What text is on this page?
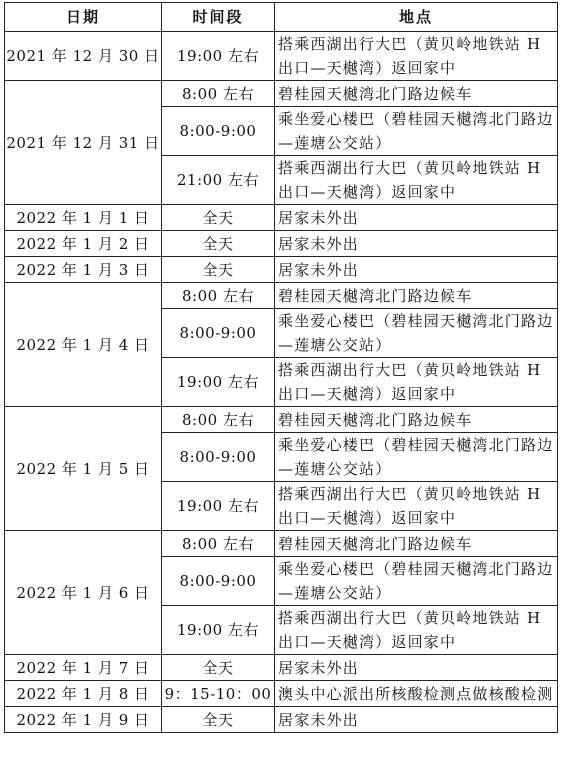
日期	时间段	地点
2021 年 12 月 30 日	19:00 左右	搭乘西湖出行大巴（黄贝岭地铁站 H 出口—天樾湾）返回家中
2021 年 12 月 31 日	8:00 左右	碧桂园天樾湾北门路边候车
	8:00-9:00	乘坐爱心楼巴（碧桂园天樾湾北门路边—莲塘公交站）
	21:00 左右	搭乘西湖出行大巴（黄贝岭地铁站 H 出口—天樾湾）返回家中
2022 年 1 月 1 日	全天	居家未外出
2022 年 1 月 2 日	全天	居家未外出
2022 年 1 月 3 日	全天	居家未外出
2022 年 1 月 4 日	8:00 左右	碧桂园天樾湾北门路边候车
	8:00-9:00	乘坐爱心楼巴（碧桂园天樾湾北门路边—莲塘公交站）
	19:00 左右	搭乘西湖出行大巴（黄贝岭地铁站 H 出口—天樾湾）返回家中
2022 年 1 月 5 日	8:00 左右	碧桂园天樾湾北门路边候车
	8:00-9:00	乘坐爱心楼巴（碧桂园天樾湾北门路边—莲塘公交站）
	19:00 左右	搭乘西湖出行大巴（黄贝岭地铁站 H 出口—天樾湾）返回家中
2022 年 1 月 6 日	8:00 左右	碧桂园天樾湾北门路边候车
	8:00-9:00	乘坐爱心楼巴（碧桂园天樾湾北门路边—莲塘公交站）
	19:00 左右	搭乘西湖出行大巴（黄贝岭地铁站 H 出口—天樾湾）返回家中
2022 年 1 月 7 日	全天	居家未外出
2022 年 1 月 8 日	9：15-10：00	澳头中心派出所核酸检测点做核酸检测
2022 年 1 月 9 日	全天	居家未外出
